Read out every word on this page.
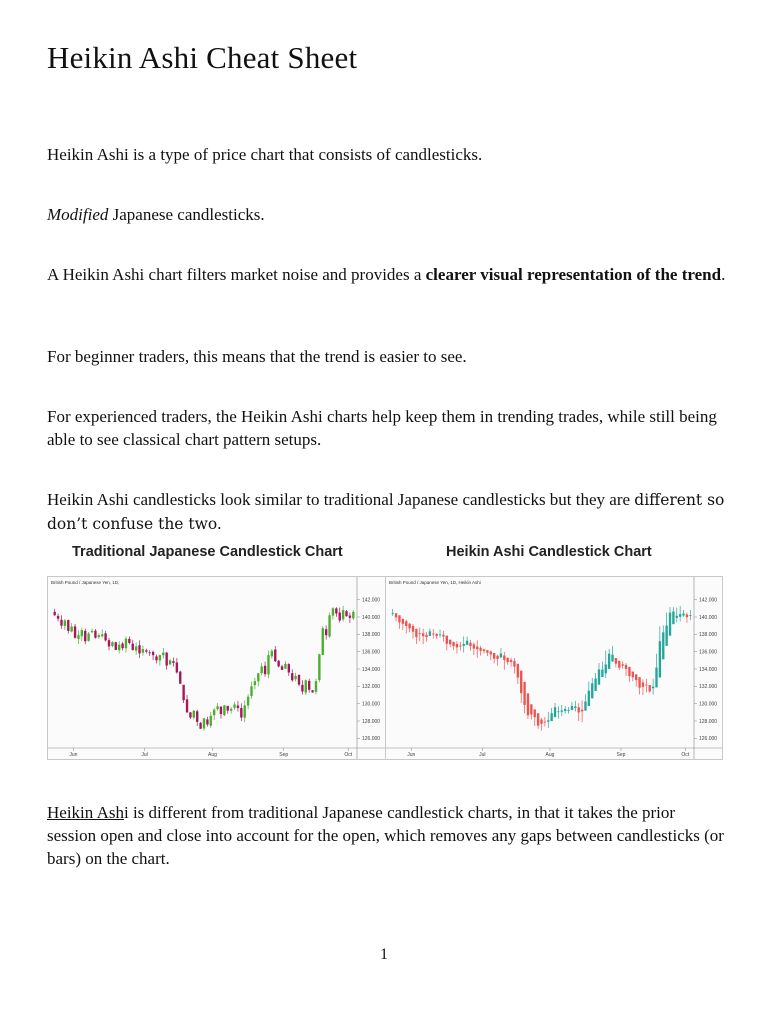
Heikin Ashi Cheat Sheet

Heikin Ashi is a type of price chart that consists of candlesticks.

Modified Japanese candlesticks.

A Heikin Ashi chart filters market noise and provides a clearer visual representation of the trend.

For beginner traders, this means that the trend is easier to see.

For experienced traders, the Heikin Ashi charts help keep them in trending trades, while still being able to see classical chart pattern setups.

Heikin Ashi candlesticks look similar to traditional Japanese candlesticks but they are different so don’t confuse the two.

Traditional Japanese Candlestick Chart
British Pound / Japanese Yen, 1D,
142.000
140.000
138.000
136.000
134.000
132.000
130.000
128.000
126.000
Jun	Jul	Aug	Sep	Oct
Heikin Ashi Candlestick Chart
British Pound / Japanese Yen, 1D, Heikin Ashi
142.000
140.000
138.000
136.000
134.000
132.000
130.000
128.000
126.000
Jun	Jul	Aug	Sep	Oct

Heikin Ashi is different from traditional Japanese candlestick charts, in that it takes the prior session open and close into account for the open, which removes any gaps between candlesticks (or bars) on the chart.

1
